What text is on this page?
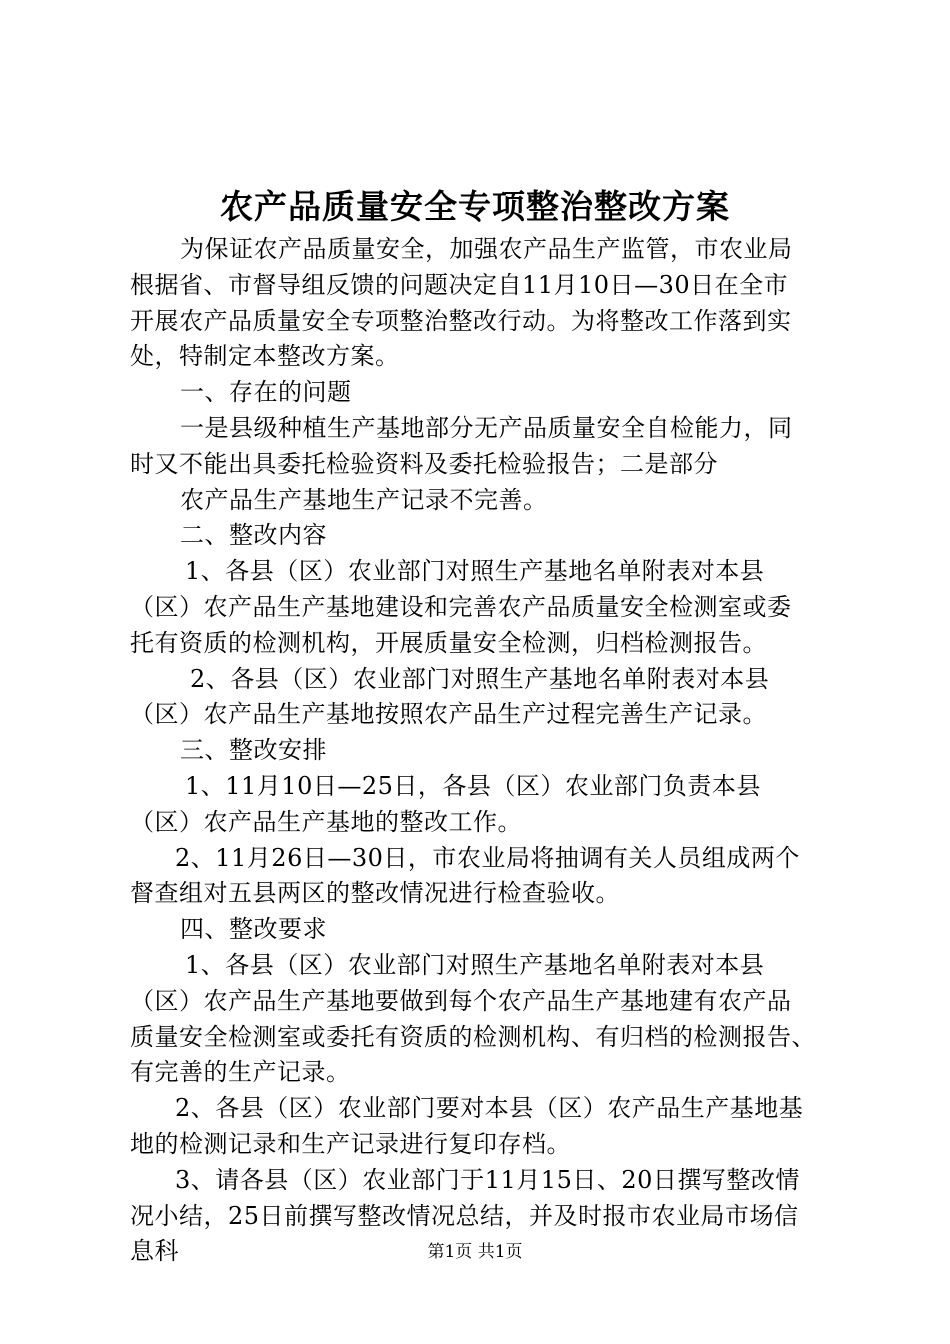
农产品质量安全专项整治整改方案
为保证农产品质量安全，加强农产品生产监管，市农业局
根据省、市督导组反馈的问题决定自11月10日—30日在全市
开展农产品质量安全专项整治整改行动。为将整改工作落到实
处，特制定本整改方案。
一、存在的问题
一是县级种植生产基地部分无产品质量安全自检能力，同
时又不能出具委托检验资料及委托检验报告；二是部分
农产品生产基地生产记录不完善。
二、整改内容
1、各县（区）农业部门对照生产基地名单附表对本县
（区）农产品生产基地建设和完善农产品质量安全检测室或委
托有资质的检测机构，开展质量安全检测，归档检测报告。
2、各县（区）农业部门对照生产基地名单附表对本县
（区）农产品生产基地按照农产品生产过程完善生产记录。
三、整改安排
1、11月10日—25日，各县（区）农业部门负责本县
（区）农产品生产基地的整改工作。
2、11月26日—30日，市农业局将抽调有关人员组成两个
督查组对五县两区的整改情况进行检查验收。
四、整改要求
1、各县（区）农业部门对照生产基地名单附表对本县
（区）农产品生产基地要做到每个农产品生产基地建有农产品
质量安全检测室或委托有资质的检测机构、有归档的检测报告、
有完善的生产记录。
2、各县（区）农业部门要对本县（区）农产品生产基地基
地的检测记录和生产记录进行复印存档。
3、请各县（区）农业部门于11月15日、20日撰写整改情
况小结，25日前撰写整改情况总结，并及时报市农业局市场信
息科	第1页 共1页
